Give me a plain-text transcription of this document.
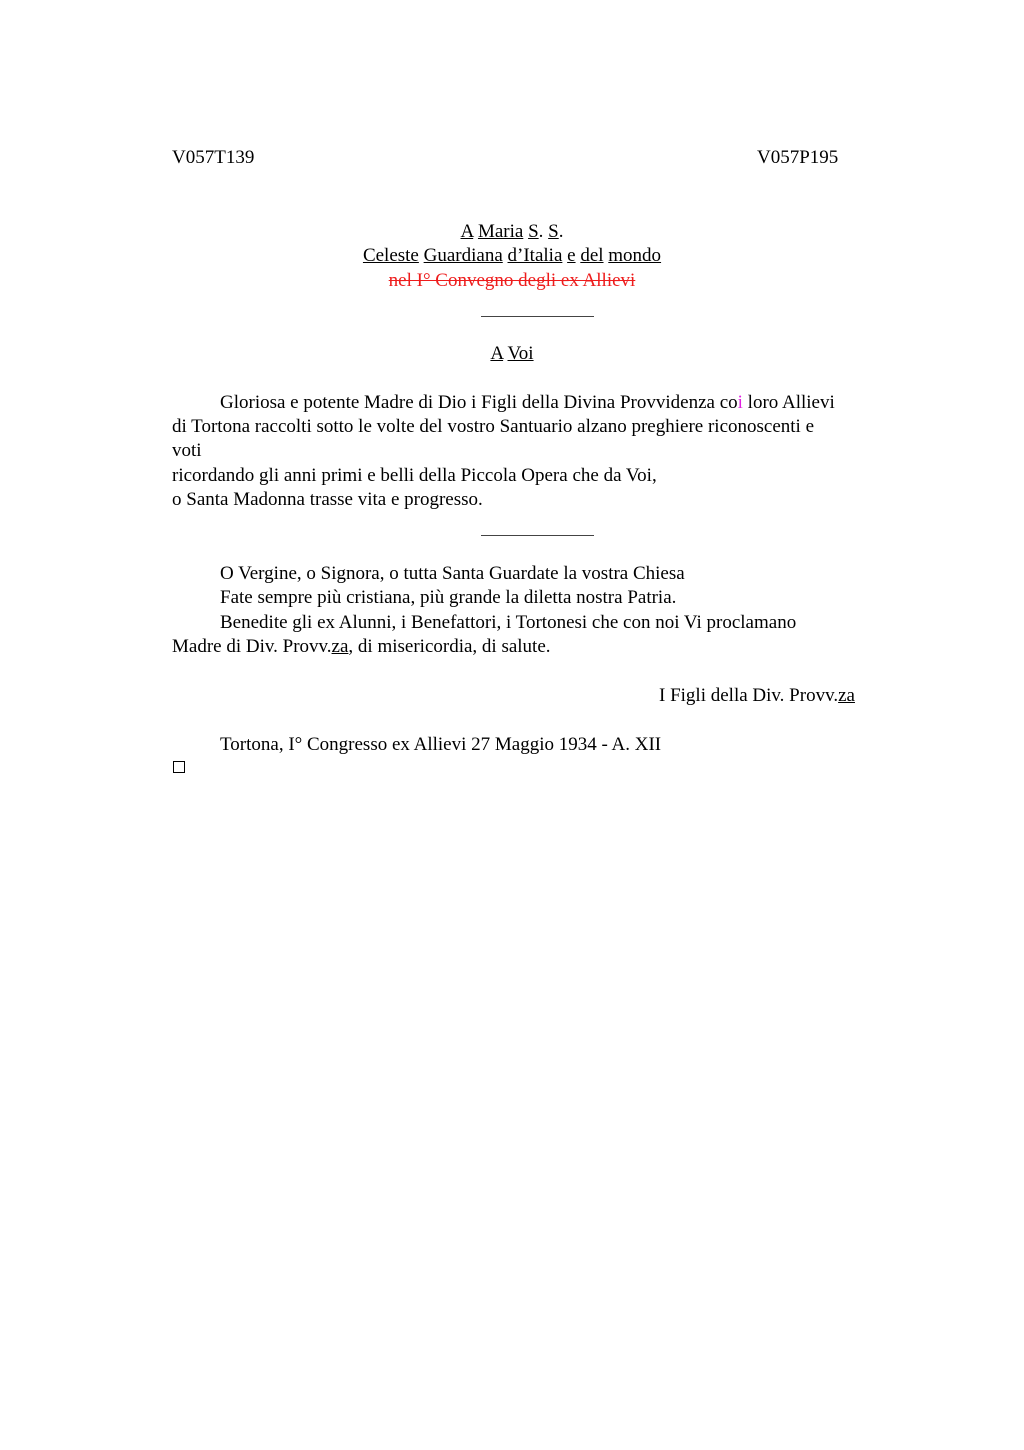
V057T139	V057P195
A Maria S. S.
Celeste Guardiana d’Italia e del mondo
nel I° Convegno degli ex Allievi
A Voi
Gloriosa e potente Madre di Dio i Figli della Divina Provvidenza coi loro Allievi
di Tortona raccolti sotto le volte del vostro Santuario alzano preghiere riconoscenti e
voti
ricordando gli anni primi e belli della Piccola Opera che da Voi,
o Santa Madonna trasse vita e progresso.
O Vergine, o Signora, o tutta Santa Guardate la vostra Chiesa
Fate sempre più cristiana, più grande la diletta nostra Patria.
Benedite gli ex Alunni, i Benefattori, i Tortonesi che con noi Vi proclamano
Madre di Div. Provv.za, di misericordia, di salute.
I Figli della Div. Provv.za
Tortona, I° Congresso ex Allievi 27 Maggio 1934 - A. XII
